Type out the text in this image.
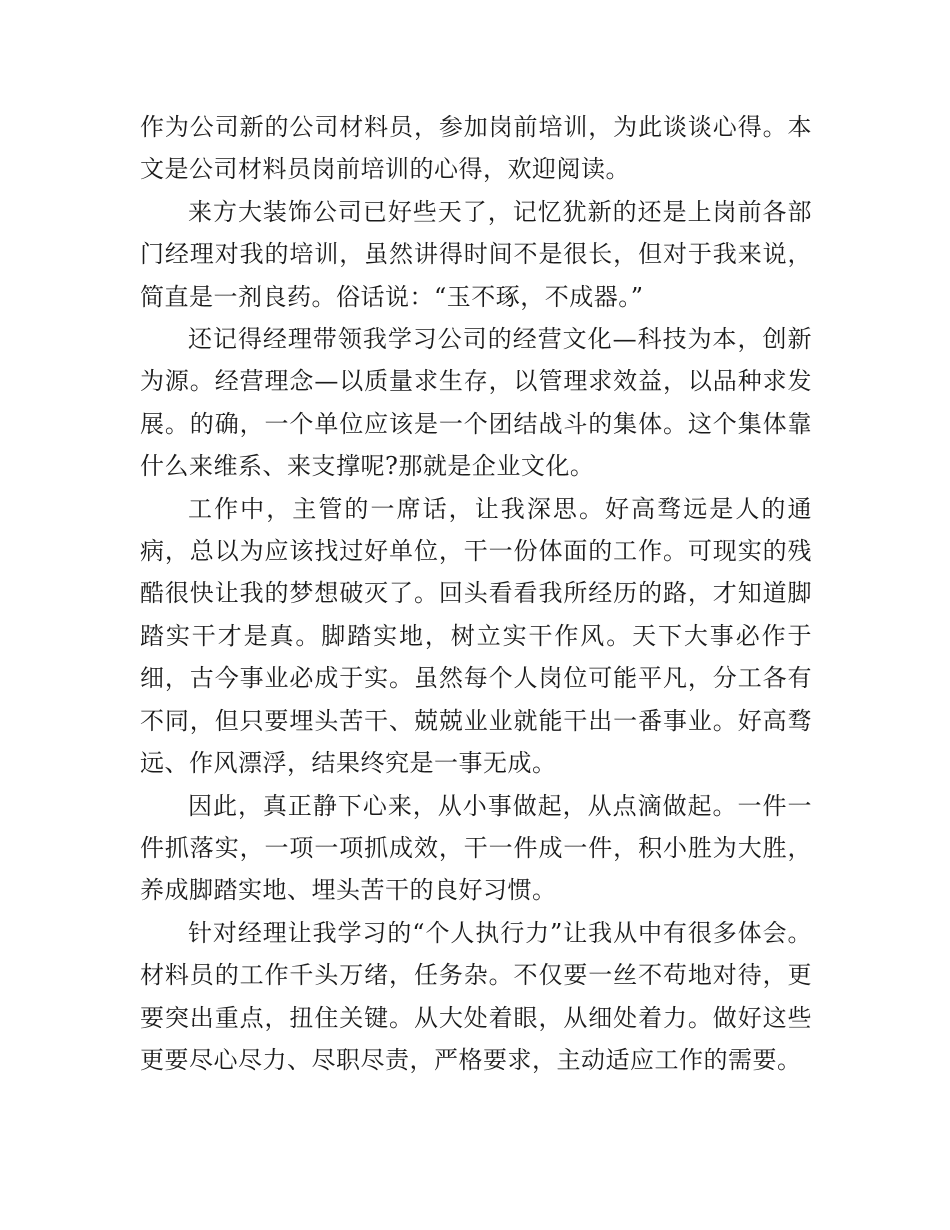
作为公司新的公司材料员，参加岗前培训，为此谈谈心得。本文是公司材料员岗前培训的心得，欢迎阅读。

来方大装饰公司已好些天了，记忆犹新的还是上岗前各部门经理对我的培训，虽然讲得时间不是很长，但对于我来说，简直是一剂良药。俗话说：“玉不琢，不成器。”

还记得经理带领我学习公司的经营文化—科技为本，创新为源。经营理念—以质量求生存，以管理求效益，以品种求发展。的确，一个单位应该是一个团结战斗的集体。这个集体靠什么来维系、来支撑呢?那就是企业文化。

工作中，主管的一席话，让我深思。好高骛远是人的通病，总以为应该找过好单位，干一份体面的工作。可现实的残酷很快让我的梦想破灭了。回头看看我所经历的路，才知道脚踏实干才是真。脚踏实地，树立实干作风。天下大事必作于细，古今事业必成于实。虽然每个人岗位可能平凡，分工各有不同，但只要埋头苦干、兢兢业业就能干出一番事业。好高骛远、作风漂浮，结果终究是一事无成。

因此，真正静下心来，从小事做起，从点滴做起。一件一件抓落实，一项一项抓成效，干一件成一件，积小胜为大胜，养成脚踏实地、埋头苦干的良好习惯。

针对经理让我学习的“个人执行力”让我从中有很多体会。材料员的工作千头万绪，任务杂。不仅要一丝不苟地对待，更要突出重点，扭住关键。从大处着眼，从细处着力。做好这些更要尽心尽力、尽职尽责，严格要求，主动适应工作的需要。
